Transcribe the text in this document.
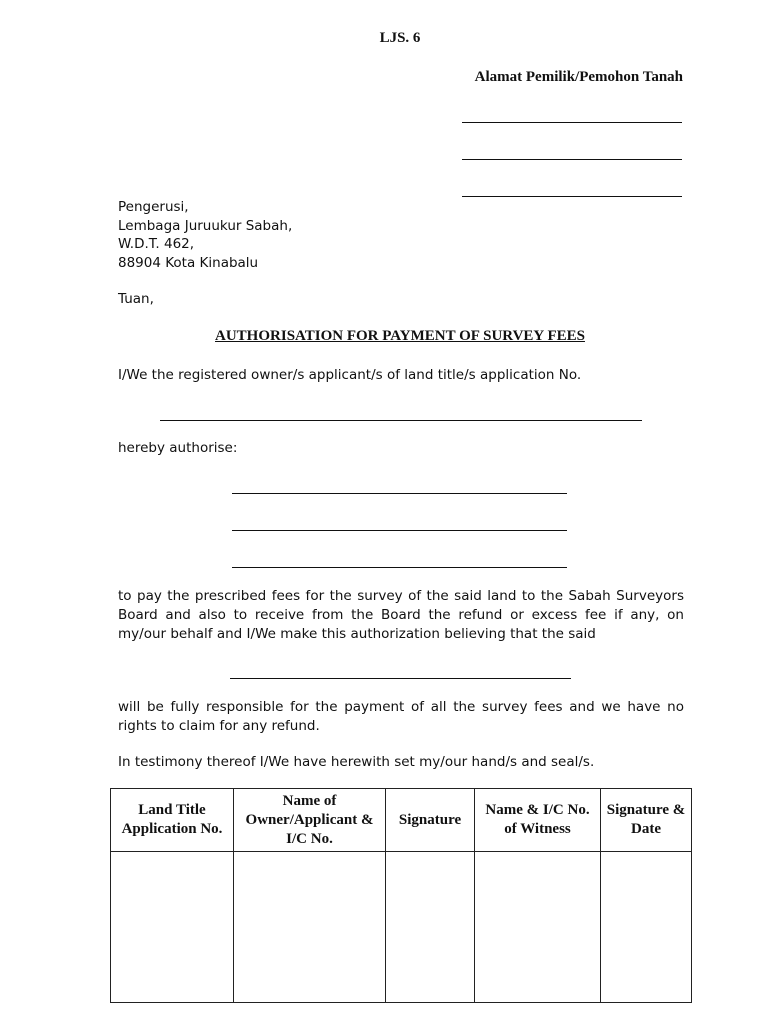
LJS. 6
Alamat Pemilik/Pemohon Tanah
Pengerusi,
Lembaga Juruukur Sabah,
W.D.T. 462,
88904 Kota Kinabalu
Tuan,
AUTHORISATION FOR PAYMENT OF SURVEY FEES
I/We the registered owner/s applicant/s of land title/s application No.
hereby authorise:
to pay the prescribed fees for the survey of the said land to the Sabah Surveyors Board and also to receive from the Board the refund or excess fee if any, on my/our behalf and I/We make this authorization believing that the said
will be fully responsible for the payment of all the survey fees and we have no rights to claim for any refund.
In testimony thereof I/We have herewith set my/our hand/s and seal/s.
Land Title Application No.	Name of Owner/Applicant & I/C No.	Signature	Name & I/C No. of Witness	Signature & Date
